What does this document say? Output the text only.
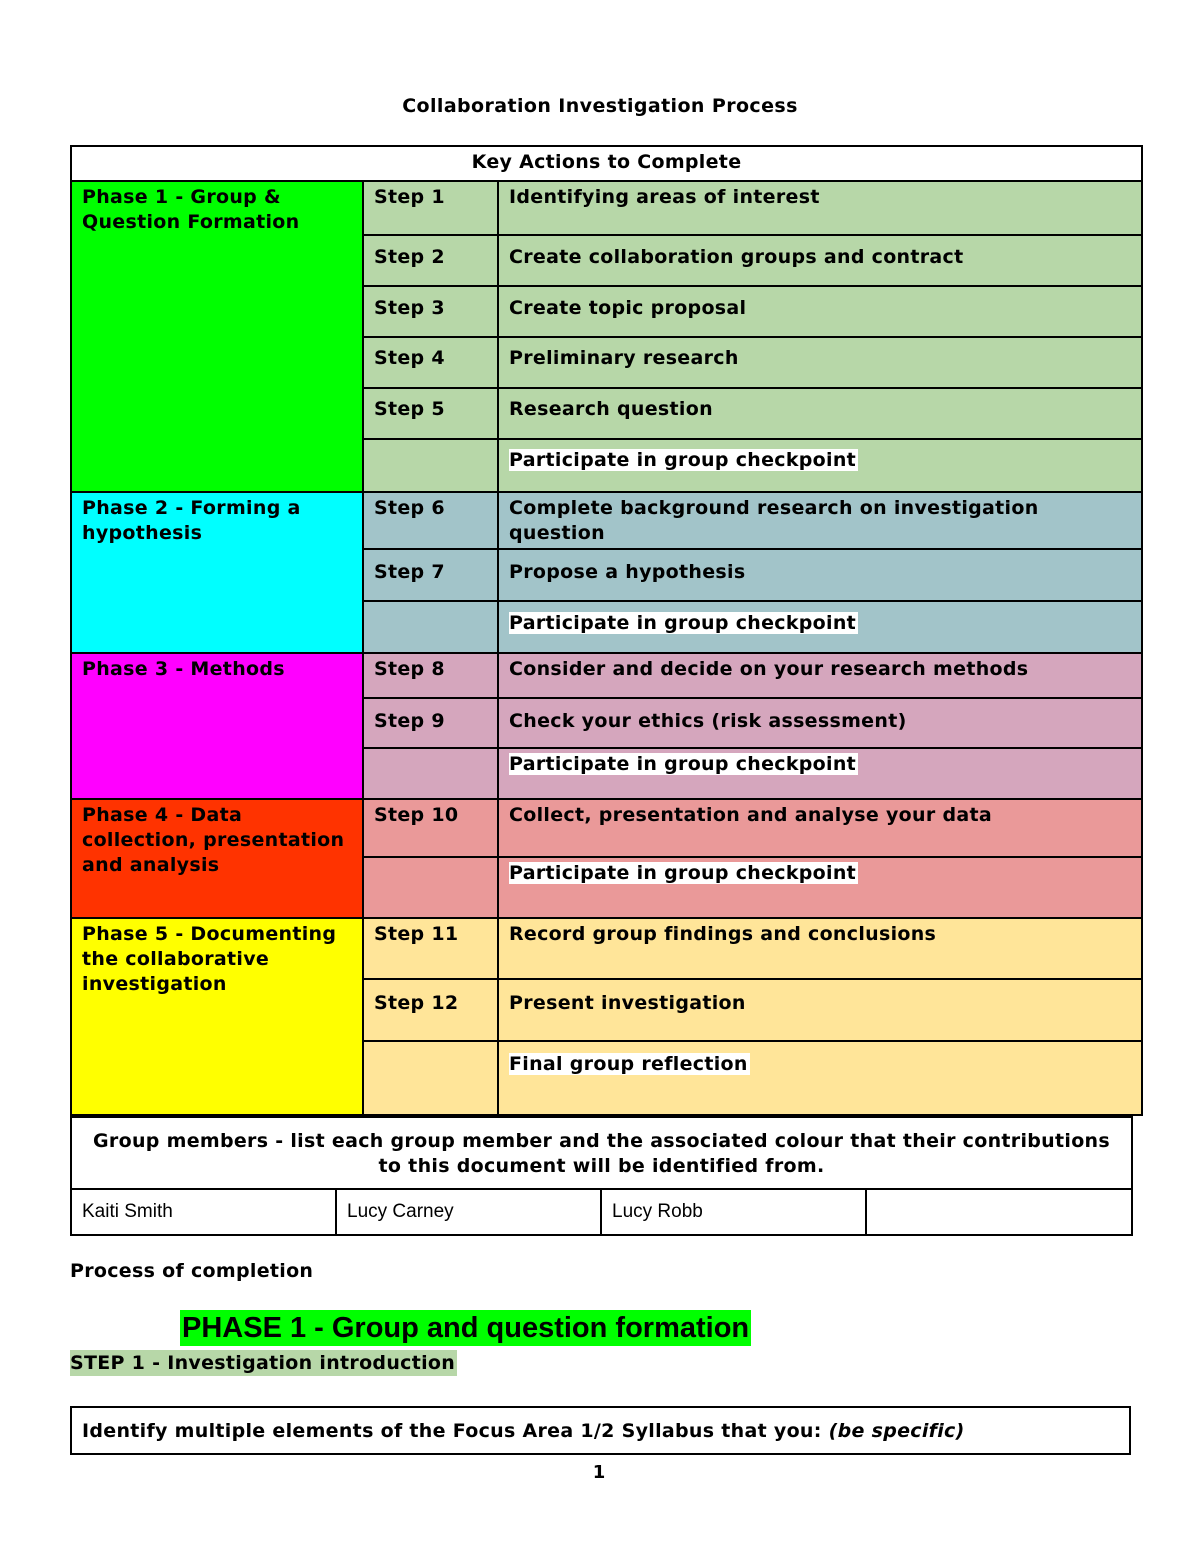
Collaboration Investigation Process
Key Actions to Complete		

Phase 1 - Group & Question Formation	Step 1	Identifying areas of interest

	Step 2	Create collaboration groups and contract

	Step 3	Create topic proposal

	Step 4	Preliminary research

	Step 5	Research question

		Participate in group checkpoint

Phase 2 - Forming a hypothesis	Step 6	Complete background research on investigation question

	Step 7	Propose a hypothesis

		Participate in group checkpoint

Phase 3 - Methods	Step 8	Consider and decide on your research methods

	Step 9	Check your ethics (risk assessment)

		Participate in group checkpoint

Phase 4 - Data collection, presentation and analysis	Step 10	Collect, presentation and analyse your data

		Participate in group checkpoint

Phase 5 - Documenting the collaborative investigation	Step 11	Record group findings and conclusions

	Step 12	Present investigation

		Final group reflection
Group members - list each group member and the associated colour that their contributions to this document will be identified from.

Kaiti Smith	Lucy Carney	Lucy Robb

Process of completion
PHASE 1 - Group and question formation
STEP 1 - Investigation introduction
Identify multiple elements of the Focus Area 1/2 Syllabus that you: (be specific)
1
